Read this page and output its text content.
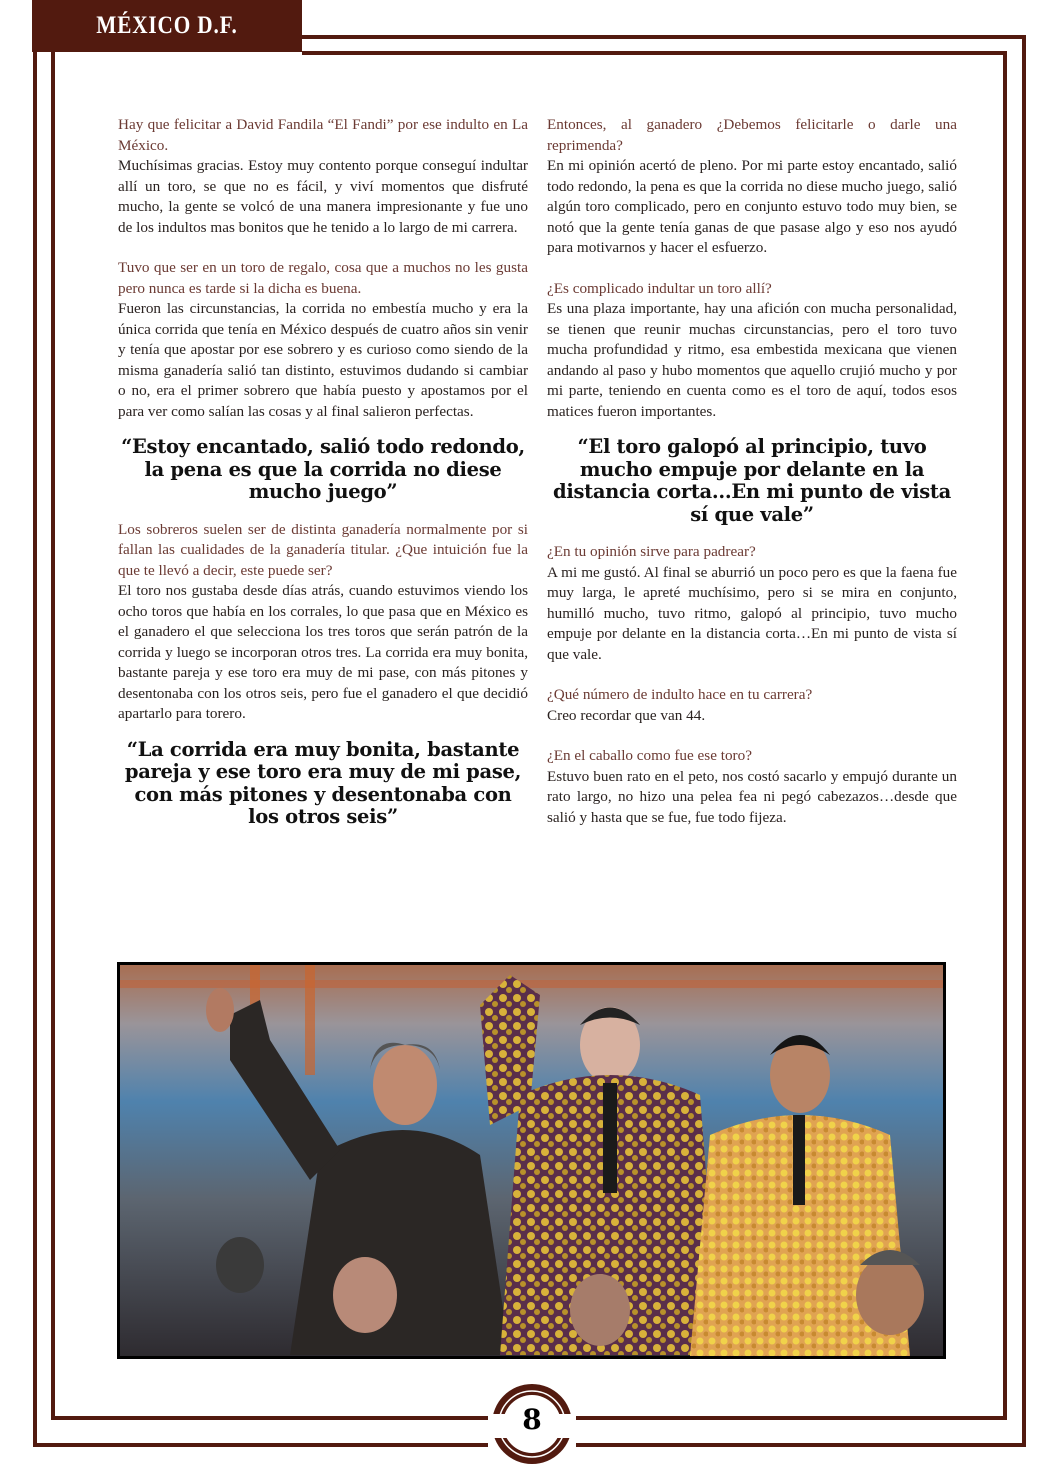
MÉXICO D.F.
Hay que felicitar a David Fandila “El Fandi” por ese indulto en La México.
Muchísimas gracias. Estoy muy contento porque conseguí indultar allí un toro, se que no es fácil, y viví momentos que disfruté mucho, la gente se volcó de una manera impresionante y fue uno de los indultos mas bonitos que he tenido a lo largo de mi carrera.
Tuvo que ser en un toro de regalo, cosa que a muchos no les gusta pero nunca es tarde si la dicha es buena.
Fueron las circunstancias, la corrida no embestía mucho y era la única corrida que tenía en México después de cuatro años sin venir y tenía que apostar por ese sobrero y es curioso como siendo de la misma ganadería salió tan distinto, estuvimos dudando si cambiar o no, era el primer sobrero que había puesto y apostamos por el para ver como salían las cosas y al final salieron perfectas.
“Estoy encantado, salió todo redondo, la pena es que la corrida no diese mucho juego”
Los sobreros suelen ser de distinta ganadería normalmente por si fallan las cualidades de la ganadería titular. ¿Que intuición fue la que te llevó a decir, este puede ser?
El toro nos gustaba desde días atrás, cuando estuvimos viendo los ocho toros que había en los corrales, lo que pasa que en México es el ganadero el que selecciona los tres toros que serán patrón de la corrida y luego se incorporan otros tres. La corrida era muy bonita, bastante pareja y ese toro era muy de mi pase, con más pitones y desentonaba con los otros seis, pero fue el ganadero el que decidió apartarlo para torero.
“La corrida era muy bonita, bastante pareja y ese toro era muy de mi pase, con más pitones y desentonaba con los otros seis”
Entonces, al ganadero ¿Debemos felicitarle o darle una reprimenda?
En mi opinión acertó de pleno. Por mi parte estoy encantado, salió todo redondo, la pena es que la corrida no diese mucho juego, salió algún toro complicado, pero en conjunto estuvo todo muy bien, se notó que la gente tenía ganas de que pasase algo y eso nos ayudó para motivarnos y hacer el esfuerzo.
¿Es complicado indultar un toro allí?
Es una plaza importante, hay una afición con mucha personalidad, se tienen que reunir muchas circunstancias, pero el toro tuvo mucha profundidad y ritmo, esa embestida mexicana que vienen andando al paso y hubo momentos que aquello crujió mucho y por mi parte, teniendo en cuenta como es el toro de aquí, todos esos matices fueron importantes.
“El toro galopó al principio, tuvo mucho empuje por delante en la distancia corta...En mi punto de vista sí que vale”
¿En tu opinión sirve para padrear?
A mi me gustó. Al final se aburrió un poco pero es que la faena fue muy larga, le apreté muchísimo, pero si se mira en conjunto, humilló mucho, tuvo ritmo, galopó al principio, tuvo mucho empuje por delante en la distancia corta…En mi punto de vista sí que vale.
¿Qué número de indulto hace en tu carrera?
Creo recordar que van 44.
¿En el caballo como fue ese toro?
Estuvo buen rato en el peto, nos costó sacarlo y empujó durante un rato largo, no hizo una pelea fea ni pegó cabezazos…desde que salió y hasta que se fue, fue todo fijeza.
8
